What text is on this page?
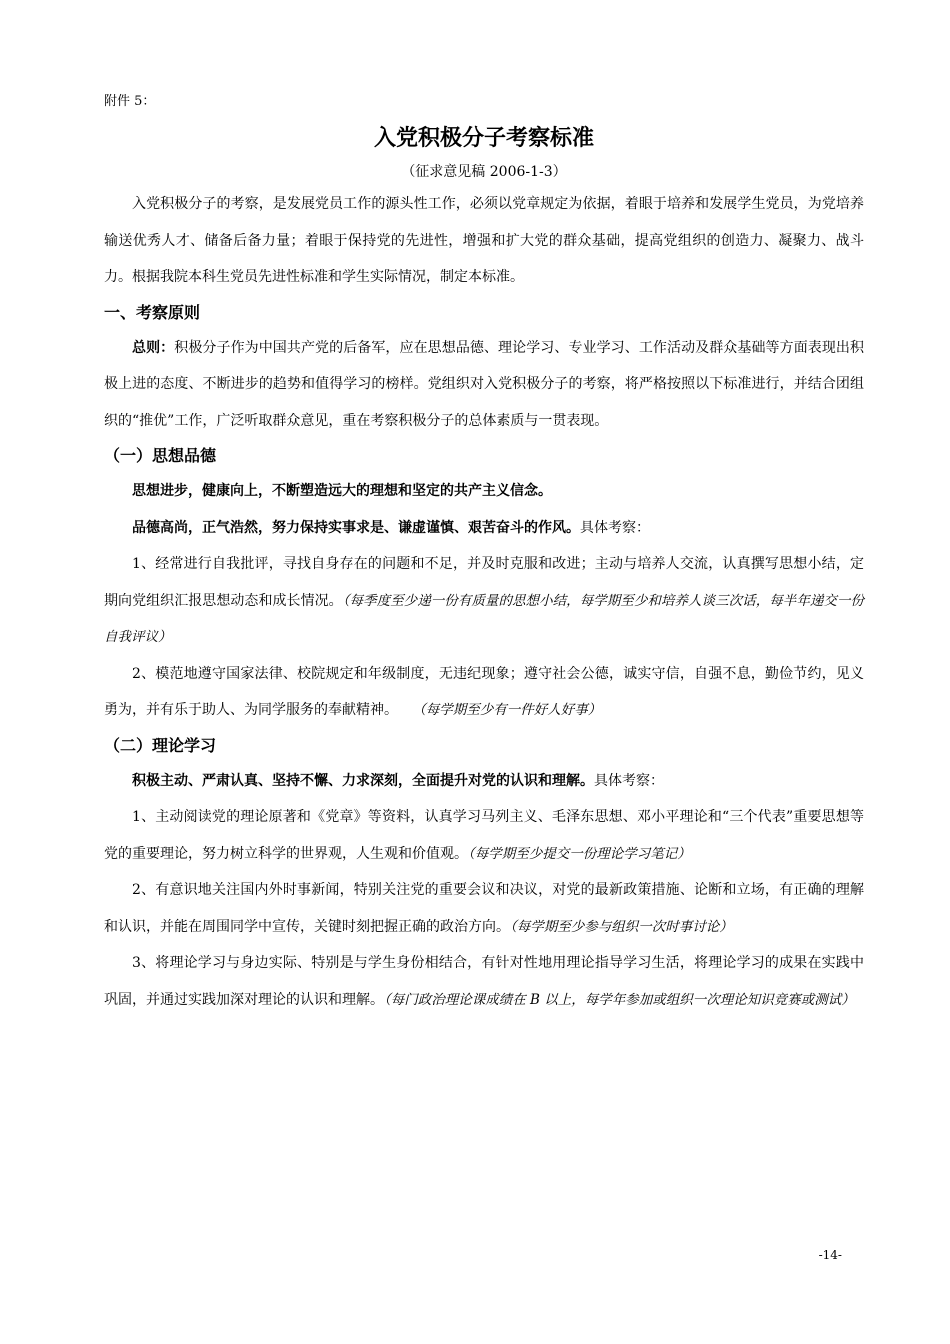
附件 5：
入党积极分子考察标准
（征求意见稿 2006-1-3）

入党积极分子的考察，是发展党员工作的源头性工作，必须以党章规定为依据，着眼于培养和发展学生党员，为党培养输送优秀人才、储备后备力量；着眼于保持党的先进性，增强和扩大党的群众基础，提高党组织的创造力、凝聚力、战斗力。根据我院本科生党员先进性标准和学生实际情况，制定本标准。

一、考察原则

总则：积极分子作为中国共产党的后备军，应在思想品德、理论学习、专业学习、工作活动及群众基础等方面表现出积极上进的态度、不断进步的趋势和值得学习的榜样。党组织对入党积极分子的考察，将严格按照以下标准进行，并结合团组织的“推优”工作，广泛听取群众意见，重在考察积极分子的总体素质与一贯表现。

（一）思想品德

思想进步，健康向上，不断塑造远大的理想和坚定的共产主义信念。

品德高尚，正气浩然，努力保持实事求是、谦虚谨慎、艰苦奋斗的作风。具体考察：

1、经常进行自我批评，寻找自身存在的问题和不足，并及时克服和改进；主动与培养人交流，认真撰写思想小结，定期向党组织汇报思想动态和成长情况。（每季度至少递一份有质量的思想小结，每学期至少和培养人谈三次话，每半年递交一份自我评议）

2、模范地遵守国家法律、校院规定和年级制度，无违纪现象；遵守社会公德，诚实守信，自强不息，勤俭节约，见义勇为，并有乐于助人、为同学服务的奉献精神。　　 （每学期至少有一件好人好事）

（二）理论学习

积极主动、严肃认真、坚持不懈、力求深刻，全面提升对党的认识和理解。具体考察：

1、主动阅读党的理论原著和《党章》等资料，认真学习马列主义、毛泽东思想、邓小平理论和“三个代表”重要思想等党的重要理论，努力树立科学的世界观，人生观和价值观。（每学期至少提交一份理论学习笔记）

2、有意识地关注国内外时事新闻，特别关注党的重要会议和决议，对党的最新政策措施、论断和立场，有正确的理解和认识，并能在周围同学中宣传，关键时刻把握正确的政治方向。（每学期至少参与组织一次时事讨论）

3、将理论学习与身边实际、特别是与学生身份相结合，有针对性地用理论指导学习生活，将理论学习的成果在实践中巩固，并通过实践加深对理论的认识和理解。（每门政治理论课成绩在 B 以上，每学年参加或组织一次理论知识竞赛或测试）

-14-
